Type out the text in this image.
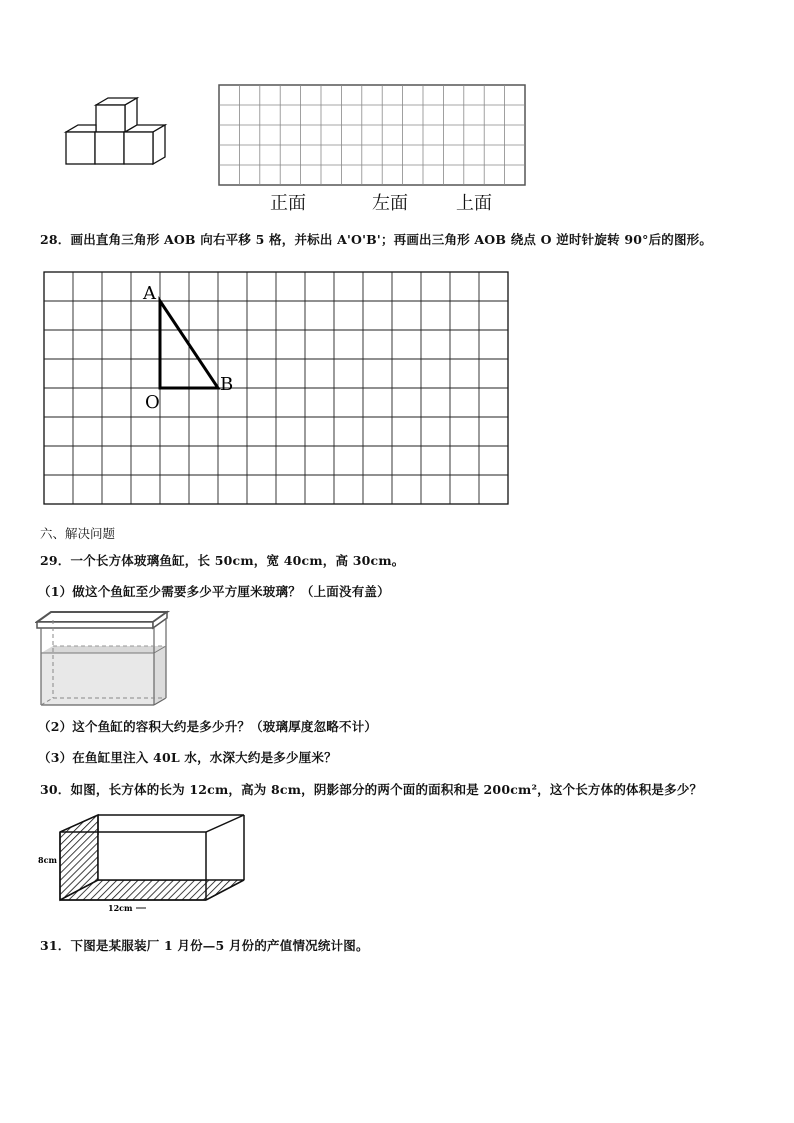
正面	左面	上面
28．画出直角三角形 AOB 向右平移 5 格，并标出 A'O'B'；再画出三角形 AOB 绕点 O 逆时针旋转 90°后的图形。
A
O
B
六、解决问题
29．一个长方体玻璃鱼缸，长 50cm，宽 40cm，高 30cm。
（1）做这个鱼缸至少需要多少平方厘米玻璃？（上面没有盖）
（2）这个鱼缸的容积大约是多少升？（玻璃厚度忽略不计）
（3）在鱼缸里注入 40L 水，水深大约是多少厘米？
30．如图，长方体的长为 12cm，高为 8cm，阴影部分的两个面的面积和是 200cm²，这个长方体的体积是多少？
8cm
12cm
31．下图是某服装厂 1 月份—5 月份的产值情况统计图。
